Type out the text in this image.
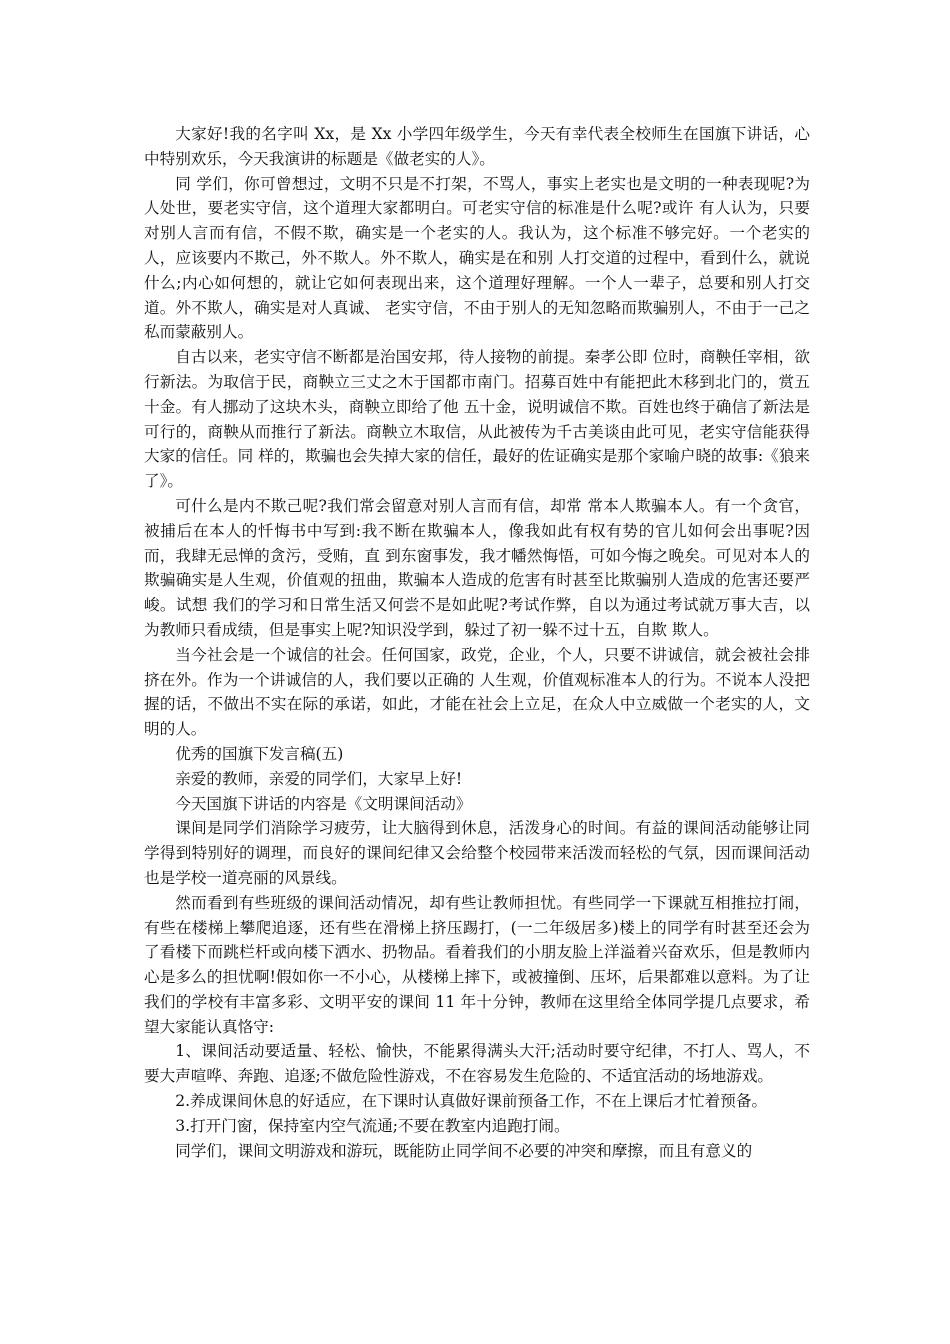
大家好!我的名字叫 Xx，是 Xx 小学四年级学生，今天有幸代表全校师生在国旗下讲话，心中特别欢乐，今天我演讲的标题是《做老实的人》。

同 学们，你可曾想过，文明不只是不打架，不骂人，事实上老实也是文明的一种表现呢?为人处世，要老实守信，这个道理大家都明白。可老实守信的标准是什么呢?或许 有人认为，只要对别人言而有信，不假不欺，确实是一个老实的人。我认为，这个标准不够完好。一个老实的人，应该要内不欺己，外不欺人。外不欺人，确实是在和别 人打交道的过程中，看到什么，就说什么;内心如何想的，就让它如何表现出来，这个道理好理解。一个人一辈子，总要和别人打交道。外不欺人，确实是对人真诚、 老实守信，不由于别人的无知忽略而欺骗别人，不由于一己之私而蒙蔽别人。

自古以来，老实守信不断都是治国安邦，待人接物的前提。秦孝公即 位时，商鞅任宰相，欲行新法。为取信于民，商鞅立三丈之木于国都市南门。招募百姓中有能把此木移到北门的，赏五十金。有人挪动了这块木头，商鞅立即给了他 五十金，说明诚信不欺。百姓也终于确信了新法是可行的，商鞅从而推行了新法。商鞅立木取信，从此被传为千古美谈由此可见，老实守信能获得大家的信任。同 样的，欺骗也会失掉大家的信任，最好的佐证确实是那个家喻户晓的故事:《狼来了》。

可什么是内不欺己呢?我们常会留意对别人言而有信，却常 常本人欺骗本人。有一个贪官，被捕后在本人的忏悔书中写到:我不断在欺骗本人，像我如此有权有势的官儿如何会出事呢?因而，我肆无忌惮的贪污，受贿，直 到东窗事发，我才幡然悔悟，可如今悔之晚矣。可见对本人的欺骗确实是人生观，价值观的扭曲，欺骗本人造成的危害有时甚至比欺骗别人造成的危害还要严峻。试想 我们的学习和日常生活又何尝不是如此呢?考试作弊，自以为通过考试就万事大吉，以为教师只看成绩，但是事实上呢?知识没学到，躲过了初一躲不过十五，自欺 欺人。

当今社会是一个诚信的社会。任何国家，政党，企业，个人，只要不讲诚信，就会被社会排挤在外。作为一个讲诚信的人，我们要以正确的 人生观，价值观标准本人的行为。不说本人没把握的话，不做出不实在际的承诺，如此，才能在社会上立足，在众人中立威做一个老实的人，文明的人。

优秀的国旗下发言稿(五)

亲爱的教师，亲爱的同学们，大家早上好!

今天国旗下讲话的内容是《文明课间活动》

课间是同学们消除学习疲劳，让大脑得到休息，活泼身心的时间。有益的课间活动能够让同学得到特别好的调理，而良好的课间纪律又会给整个校园带来活泼而轻松的气氛，因而课间活动也是学校一道亮丽的风景线。

然而看到有些班级的课间活动情况，却有些让教师担忧。有些同学一下课就互相推拉打闹，有些在楼梯上攀爬追逐，还有些在滑梯上挤压踢打，(一二年级居多)楼上的同学有时甚至还会为了看楼下而跳栏杆或向楼下洒水、扔物品。看着我们的小朋友脸上洋溢着兴奋欢乐，但是教师内心是多么的担忧啊!假如你一不小心，从楼梯上摔下，或被撞倒、压坏，后果都难以意料。为了让我们的学校有丰富多彩、文明平安的课间 11 年十分钟，教师在这里给全体同学提几点要求，希望大家能认真恪守:

1、课间活动要适量、轻松、愉快，不能累得满头大汗;活动时要守纪律，不打人、骂人，不要大声喧哗、奔跑、追逐;不做危险性游戏，不在容易发生危险的、不适宜活动的场地游戏。

2.养成课间休息的好适应，在下课时认真做好课前预备工作，不在上课后才忙着预备。

3.打开门窗，保持室内空气流通;不要在教室内追跑打闹。

同学们，课间文明游戏和游玩，既能防止同学间不必要的冲突和摩擦，而且有意义的
